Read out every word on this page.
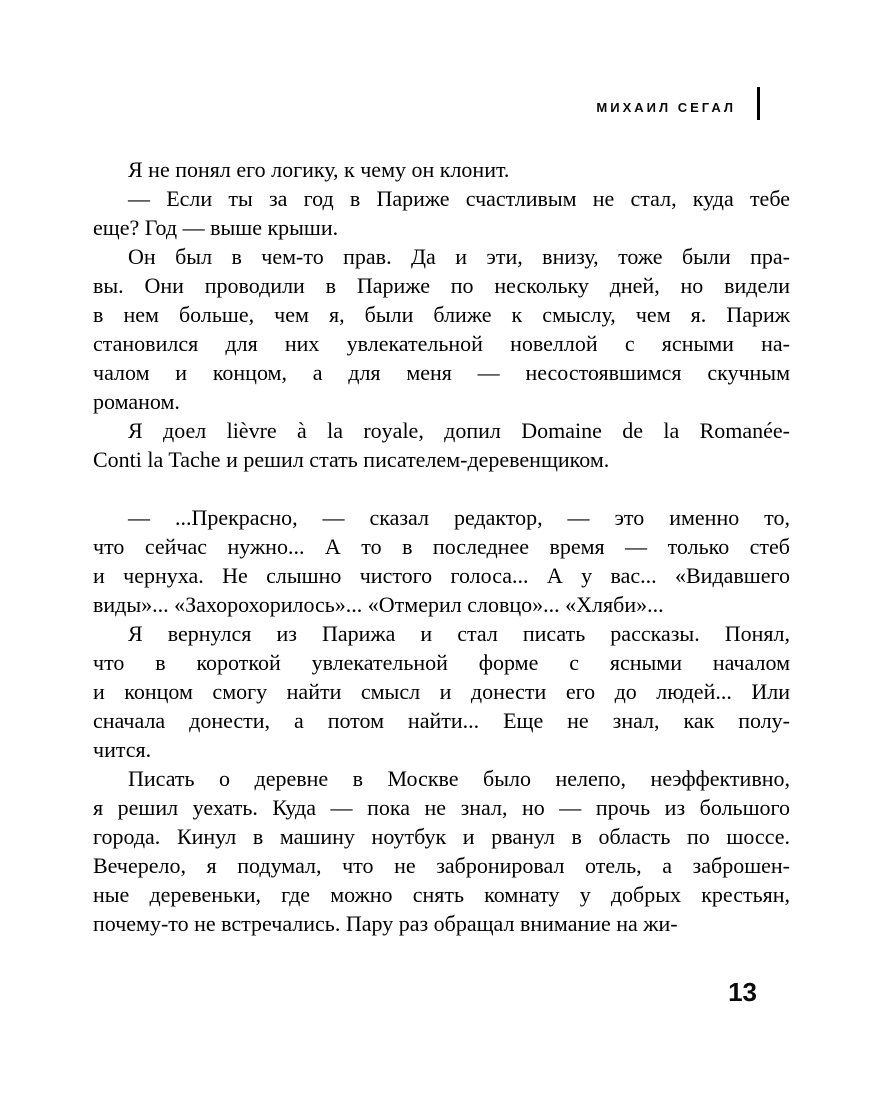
МИХАИЛ СЕГАЛ
Я не понял его логику, к чему он клонит.
— Если ты за год в Париже счастливым не стал, куда тебе
еще? Год — выше крыши.
Он был в чем-то прав. Да и эти, внизу, тоже были пра-
вы. Они проводили в Париже по нескольку дней, но видели
в нем больше, чем я, были ближе к смыслу, чем я. Париж
становился для них увлекательной новеллой с ясными на-
чалом и концом, а для меня — несостоявшимся скучным
романом.
Я доел lièvre à la royale, допил Domaine de la Romanée-
Conti la Tache и решил стать писателем-деревенщиком.
— ...Прекрасно, — сказал редактор, — это именно то,
что сейчас нужно... А то в последнее время — только стеб
и чернуха. Не слышно чистого голоса... А у вас... «Видавшего
виды»... «Захорохорилось»... «Отмерил словцо»... «Хляби»...
Я вернулся из Парижа и стал писать рассказы. Понял,
что в короткой увлекательной форме с ясными началом
и концом смогу найти смысл и донести его до людей... Или
сначала донести, а потом найти... Еще не знал, как полу-
чится.
Писать о деревне в Москве было нелепо, неэффективно,
я решил уехать. Куда — пока не знал, но — прочь из большого
города. Кинул в машину ноутбук и рванул в область по шоссе.
Вечерело, я подумал, что не забронировал отель, а заброшен-
ные деревеньки, где можно снять комнату у добрых крестьян,
почему-то не встречались. Пару раз обращал внимание на жи-
13
